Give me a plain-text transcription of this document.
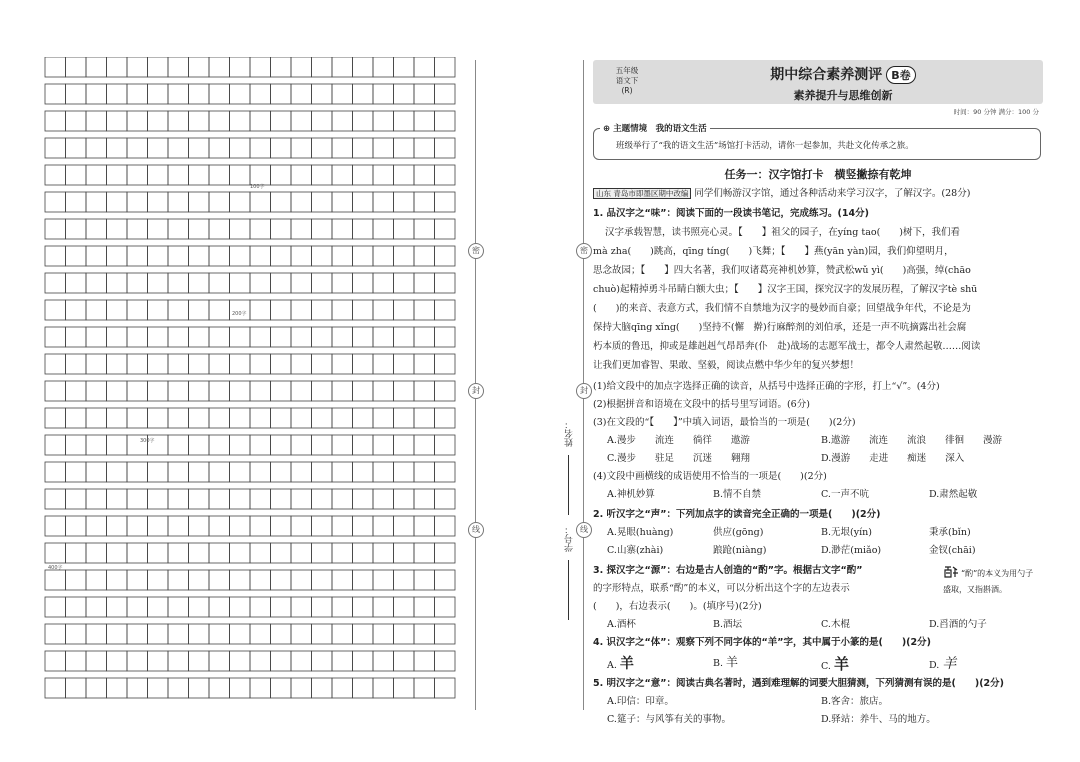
100字
200字
300字
400字
密
封
线
密
封
线
姓名：
学号：
五年级
语文下
(R)
期中综合素养测评 B卷
素养提升与思维创新
时间：90 分钟 满分：100 分
⊕ 主题情境　我的语文生活
班级举行了“我的语文生活”场馆打卡活动，请你一起参加，共赴文化传承之旅。
任务一：汉字馆打卡　横竖撇捺有乾坤
山东 青岛市即墨区期中改编 同学们畅游汉字馆，通过各种活动来学习汉字，了解汉字。(28分)
1. 品汉字之“味”：阅读下面的一段读书笔记，完成练习。(14分)
汉字承载智慧，读书照亮心灵。【　　】祖父的园子，在yíng tao(　　)树下，我们看
mà zha(　　)跳高，qīng tíng(　　)飞舞；【　　】燕(yān yàn)园，我们仰望明月，
思念故园；【　　】四大名著，我们叹诸葛亮神机妙算，赞武松wǔ yì(　　)高强，绰(chāo
chuò)起精掉勇斗吊睛白额大虫；【　　】汉字王国，探究汉字的发展历程，了解汉字tè shū
(　　)的来音、表意方式，我们情不自禁地为汉字的曼妙而自豪；回望战争年代，不论是为
保持大脑qīng xǐng(　　)坚持不(懈　擀)行麻醉剂的刘伯承，还是一声不吭摘露出社会腐
朽本质的鲁迅，抑或是雄赳赳气昂昂奔(仆　赴)战场的志愿军战士，都令人肃然起敬……阅读
让我们更加睿智、果敢、坚毅，阅读点燃中华少年的复兴梦想！
(1)给文段中的加点字选择正确的读音，从括号中选择正确的字形，打上“√”。(4分)
(2)根据拼音和语境在文段中的括号里写词语。(6分)
(3)在文段的“【　　】”中填入词语，最恰当的一项是(　　)(2分)
A.漫步　　流连　　徜徉　　遨游	B.遨游　　流连　　流浪　　徘徊　　漫游
C.漫步　　驻足　　沉迷　　翱翔	D.漫游　　走进　　痴迷　　深入
(4)文段中画横线的成语使用不恰当的一项是(　　)(2分)
A.神机妙算	B.情不自禁	C.一声不吭	D.肃然起敬
2. 听汉字之“声”：下列加点字的读音完全正确的一项是(　　)(2分)
A.晃眼(huàng)	供应(gōng)	秉承(bǐn)
B.无垠(yín)
C.山寨(zhài)	踉跄(niàng)	D.渺茫(miǎo)	金钗(chāi)
3. 探汉字之“源”：右边是古人创造的“酌”字。根据古文字“酌”
的字形特点，联系“酌”的本义，可以分析出这个字的左边表示
(　　)，右边表示(　　)。(填序号)(2分)
“酌”的本义为用勺子
盛取，又指斟酒。
A.酒杯	B.酒坛	C.木棍	D.舀酒的勺子
4. 识汉字之“体”：观察下列不同字体的“羊”字，其中属于小篆的是(　　)(2分)
A. 羊	B. 羊	C. 羊	D. 羊
5. 明汉字之“意”：阅读古典名著时，遇到难理解的词要大胆猜测，下列猜测有误的是(　　)(2分)
A.印信：印章。	B.客舍：旅店。
C.筵子：与风筝有关的事物。	D.驿站：养牛、马的地方。
